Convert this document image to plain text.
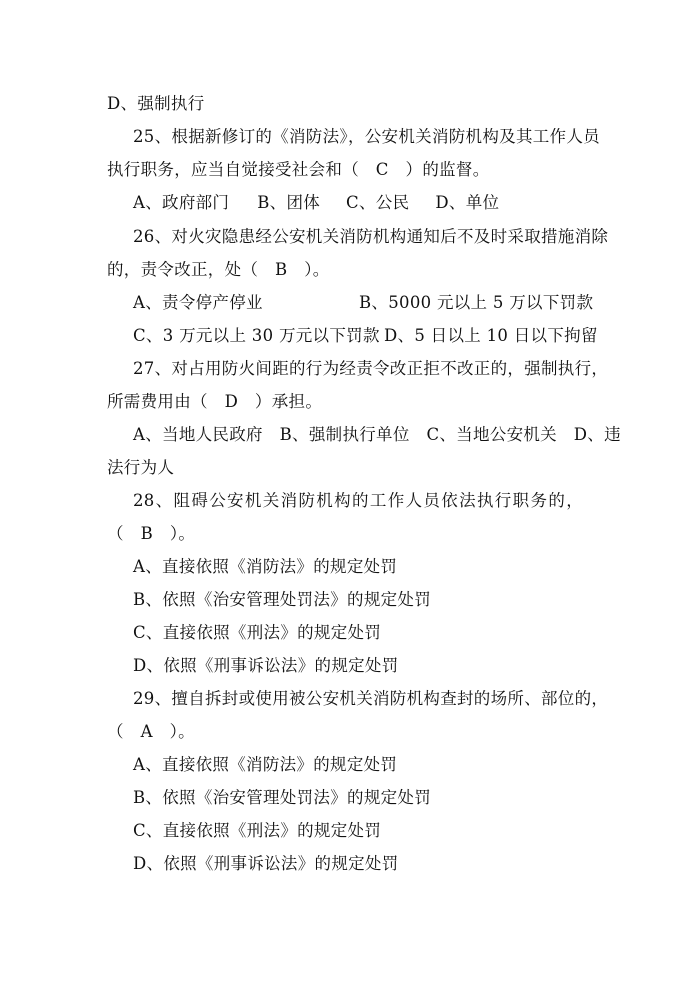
D、强制执行
25、根据新修订的《消防法》，公安机关消防机构及其工作人员
执行职务，应当自觉接受社会和（　C　）的监督。
A、政府部门 B、团体 C、公民 D、单位
26、对火灾隐患经公安机关消防机构通知后不及时采取措施消除
的，责令改正，处（　B　）。
A、责令停产停业	B、5000 元以上 5 万以下罚款
C、3 万元以上 30 万元以下罚款 D、5 日以上 10 日以下拘留
27、对占用防火间距的行为经责令改正拒不改正的，强制执行，
所需费用由（　D　）承担。
A、当地人民政府　B、强制执行单位　C、当地公安机关　D、违
法行为人
28、阻碍公安机关消防机构的工作人员依法执行职务的，
（　B　）。
A、直接依照《消防法》的规定处罚
B、依照《治安管理处罚法》的规定处罚
C、直接依照《刑法》的规定处罚
D、依照《刑事诉讼法》的规定处罚
29、擅自拆封或使用被公安机关消防机构查封的场所、部位的，
（　A　）。
A、直接依照《消防法》的规定处罚
B、依照《治安管理处罚法》的规定处罚
C、直接依照《刑法》的规定处罚
D、依照《刑事诉讼法》的规定处罚
